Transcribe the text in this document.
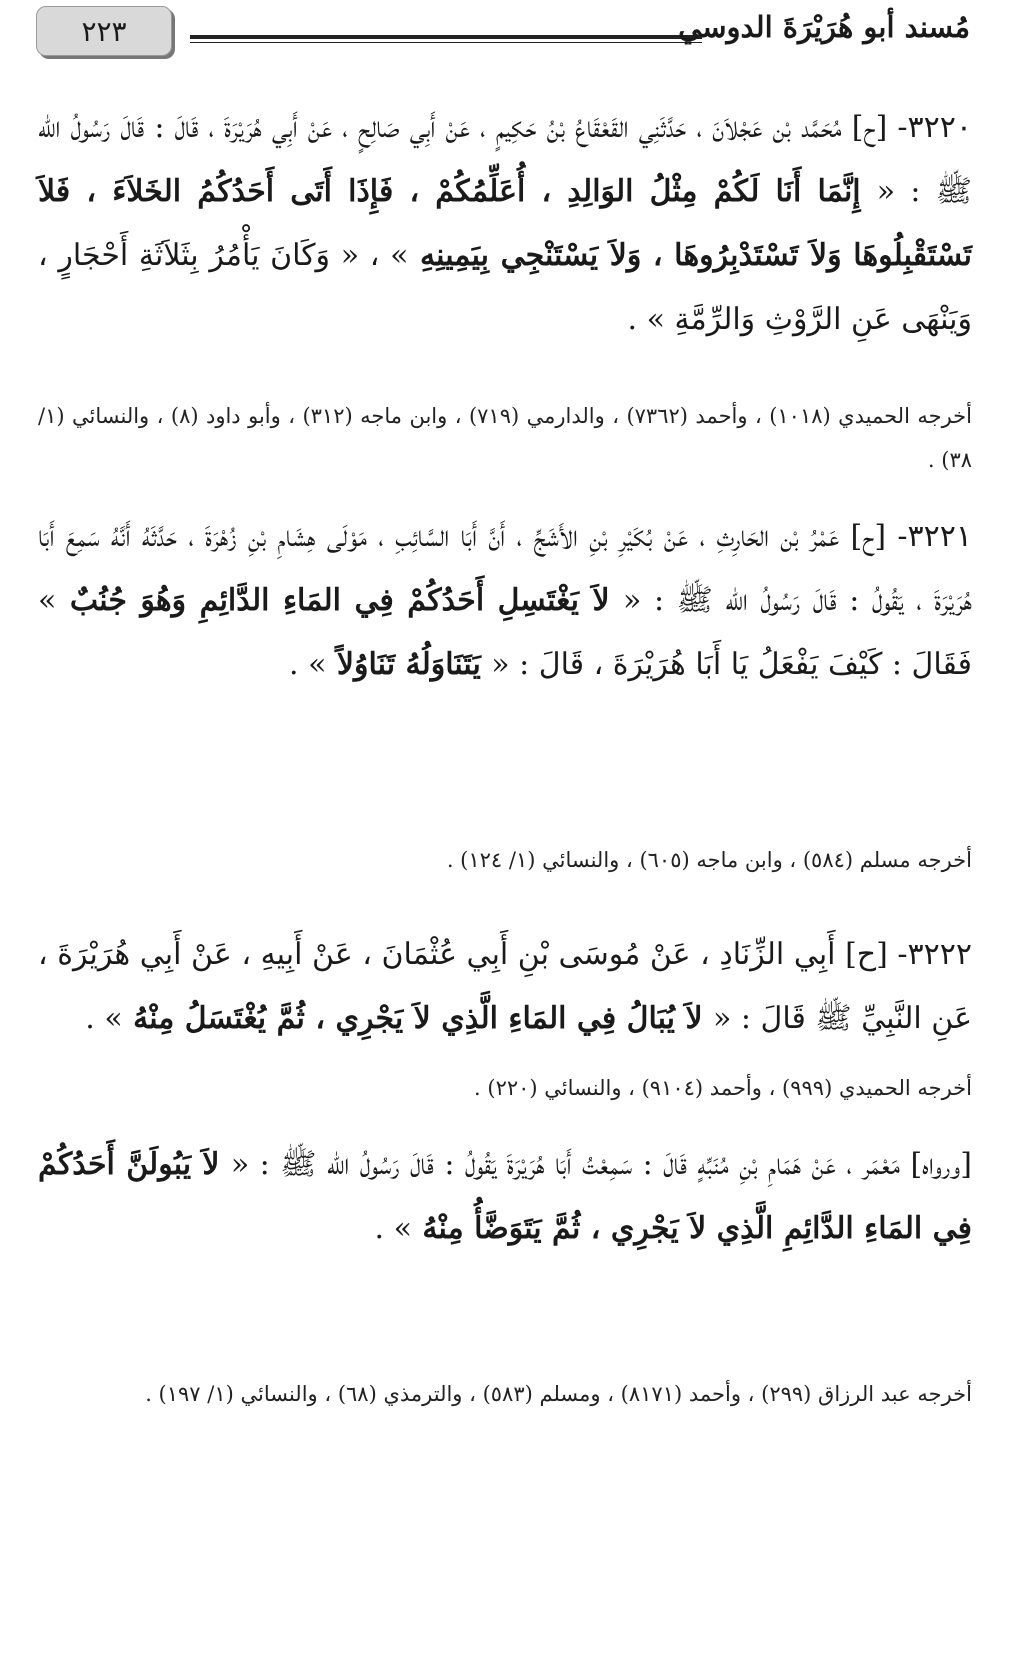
٢٢٣	مُسند أبو هُرَيْرَةَ الدوسي
٣٢٢٠- [ح] مُحَمَّد بْن عَجْلاَنَ ، حَدَّثَنِي القَعْقَاعُ بْنُ حَكِيمٍ ، عَنْ أَبِي صَالِحٍ ، عَنْ أَبِي هُرَيْرَةَ ، قَالَ : قَالَ رَسُولُ الله ﷺ : « إِنَّمَا أَنَا لَكُمْ مِثْلُ الوَالِدِ ، أُعَلِّمُكُمْ ، فَإِذَا أَتَى أَحَدُكُمُ الخَلاَءَ ، فَلاَ تَسْتَقْبِلُوهَا وَلاَ تَسْتَدْبِرُوهَا ، وَلاَ يَسْتَنْجِي بِيَمِينِهِ » ، « وَكَانَ يَأْمُرُ بِثَلاَثَةِ أَحْجَارٍ ، وَيَنْهَى عَنِ الرَّوْثِ وَالرِّمَّةِ » .
أخرجه الحميدي (١٠١٨) ، وأحمد (٧٣٦٢) ، والدارمي (٧١٩) ، وابن ماجه (٣١٢) ، وأبو داود (٨) ، والنسائي (١/ ٣٨) .
٣٢٢١- [ح] عَمْرُ بْن الحَارِثِ ، عَنْ بُكَيْرِ بْنِ الأَشَجِّ ، أَنَّ أَبَا السَّائِبِ ، مَوْلَى هِشَامِ بْنِ زُهْرَةَ ، حَدَّثَهُ أَنَّهُ سَمِعَ أَبَا هُرَيْرَةَ ، يَقُولُ : قَالَ رَسُولُ الله ﷺ : « لاَ يَغْتَسِلِ أَحَدُكُمْ فِي المَاءِ الدَّائِمِ وَهُوَ جُنُبٌ » فَقَالَ : كَيْفَ يَفْعَلُ يَا أَبَا هُرَيْرَةَ ، قَالَ : « يَتَنَاوَلُهُ تَنَاوُلاً » .
أخرجه مسلم (٥٨٤) ، وابن ماجه (٦٠٥) ، والنسائي (١/ ١٢٤) .
٣٢٢٢- [ح] أَبِي الزِّنَادِ ، عَنْ مُوسَى بْنِ أَبِي عُثْمَانَ ، عَنْ أَبِيهِ ، عَنْ أَبِي هُرَيْرَةَ ، عَنِ النَّبِيِّ ﷺ قَالَ : « لاَ يُبَالُ فِي المَاءِ الَّذِي لاَ يَجْرِي ، ثُمَّ يُغْتَسَلُ مِنْهُ » .
أخرجه الحميدي (٩٩٩) ، وأحمد (٩١٠٤) ، والنسائي (٢٢٠) .
[ورواه] مَعْمَر ، عَنْ هَمَامِ بْنِ مُنَبِّهٍ قَالَ : سَمِعْتُ أَبَا هُرَيْرَةَ يَقُولُ : قَالَ رَسُولُ الله ﷺ : « لاَ يَبُولَنَّ أَحَدُكُمْ فِي المَاءِ الدَّائِمِ الَّذِي لاَ يَجْرِي ، ثُمَّ يَتَوَضَّأُ مِنْهُ » .
أخرجه عبد الرزاق (٢٩٩) ، وأحمد (٨١٧١) ، ومسلم (٥٨٣) ، والترمذي (٦٨) ، والنسائي (١/ ١٩٧) .
